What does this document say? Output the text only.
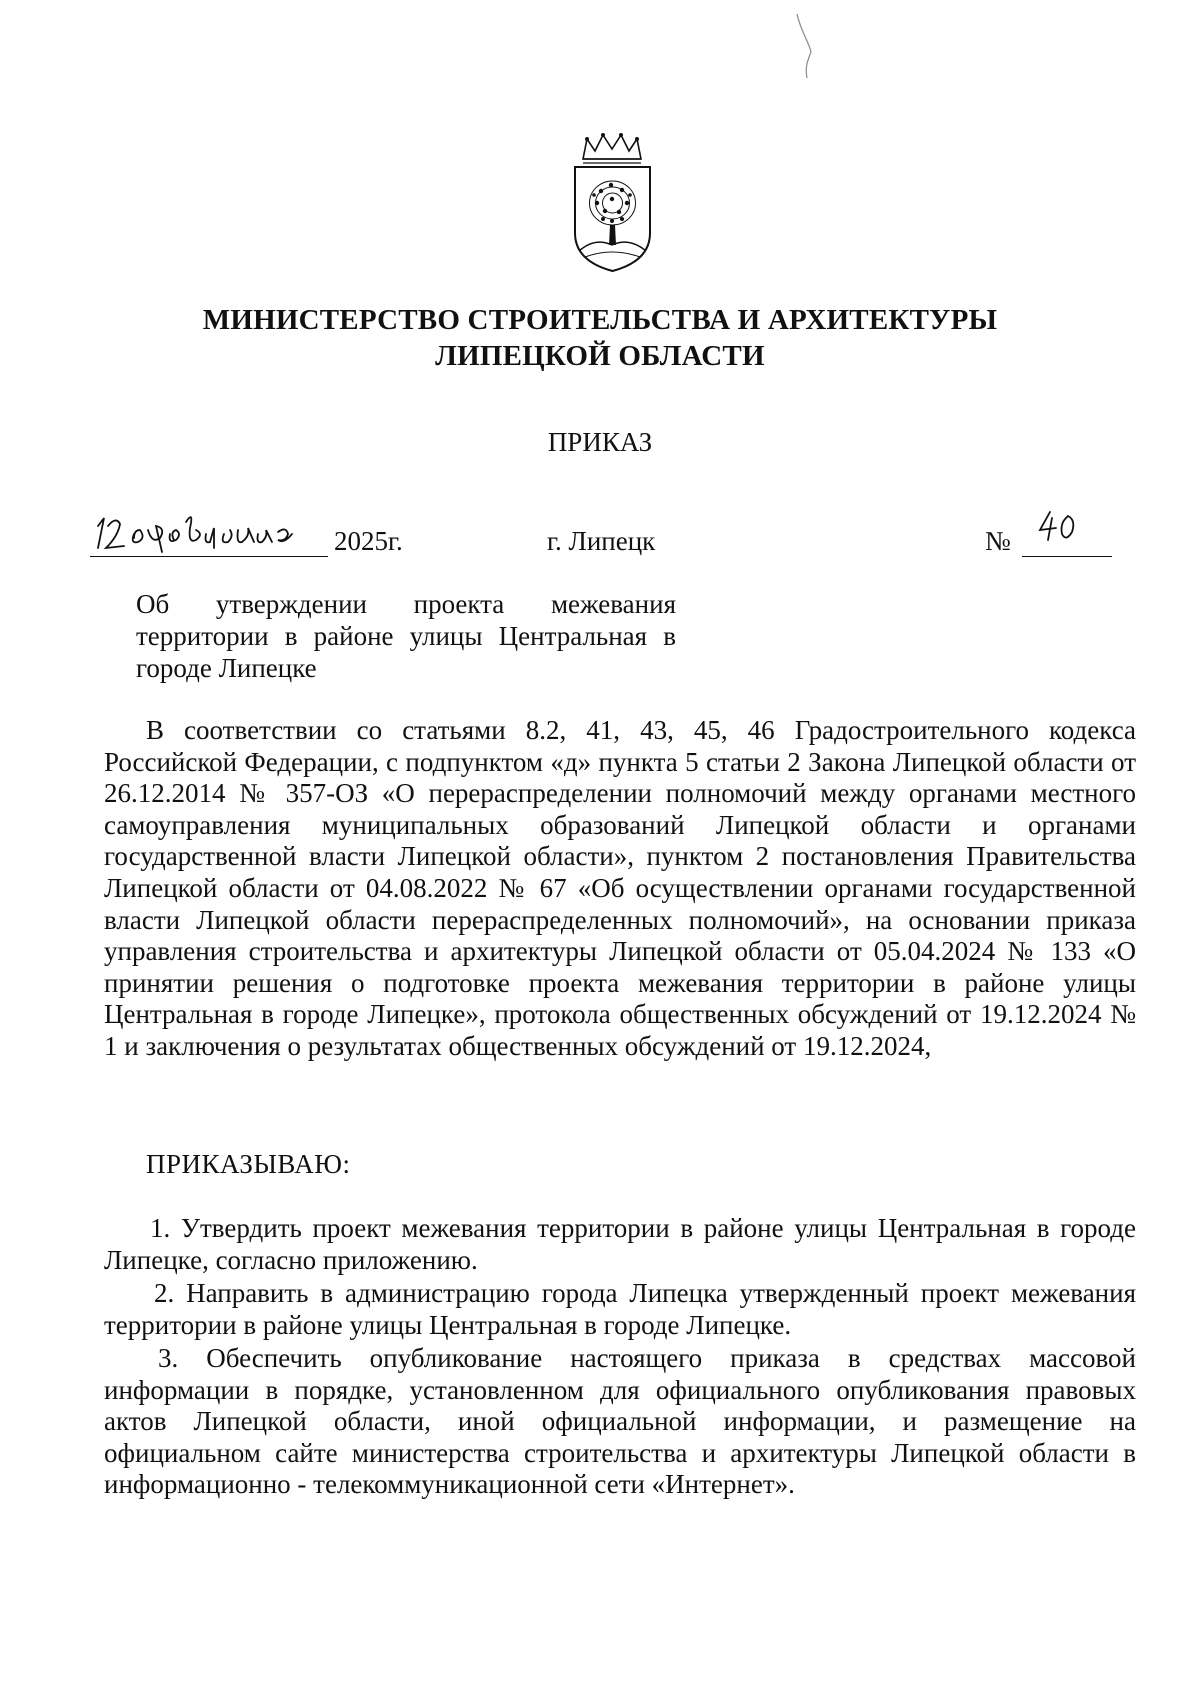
МИНИСТЕРСТВО СТРОИТЕЛЬСТВА И АРХИТЕКТУРЫ
ЛИПЕЦКОЙ ОБЛАСТИ
ПРИКАЗ
2025г.	г. Липецк	№
Об утверждении проекта межевания территории в районе улицы Центральная в городе Липецке
В соответствии со статьями 8.2, 41, 43, 45, 46 Градостроительного кодекса Российской Федерации, с подпунктом «д» пункта 5 статьи 2 Закона Липецкой области от 26.12.2014 № 357-ОЗ «О перераспределении полномочий между органами местного самоуправления муниципальных образований Липецкой области и органами государственной власти Липецкой области», пунктом 2 постановления Правительства Липецкой области от 04.08.2022 № 67 «Об осуществлении органами государственной власти Липецкой области перераспределенных полномочий», на основании приказа управления строительства и архитектуры Липецкой области от 05.04.2024 № 133 «О принятии решения о подготовке проекта межевания территории в районе улицы Центральная в городе Липецке», протокола общественных обсуждений от 19.12.2024 № 1 и заключения о результатах общественных обсуждений от 19.12.2024,
ПРИКАЗЫВАЮ:
1. Утвердить проект межевания территории в районе улицы Центральная в городе Липецке, согласно приложению.
2. Направить в администрацию города Липецка утвержденный проект межевания территории в районе улицы Центральная в городе Липецке.
3. Обеспечить опубликование настоящего приказа в средствах массовой информации в порядке, установленном для официального опубликования правовых актов Липецкой области, иной официальной информации, и размещение на официальном сайте министерства строительства и архитектуры Липецкой области в информационно - телекоммуникационной сети «Интернет».
